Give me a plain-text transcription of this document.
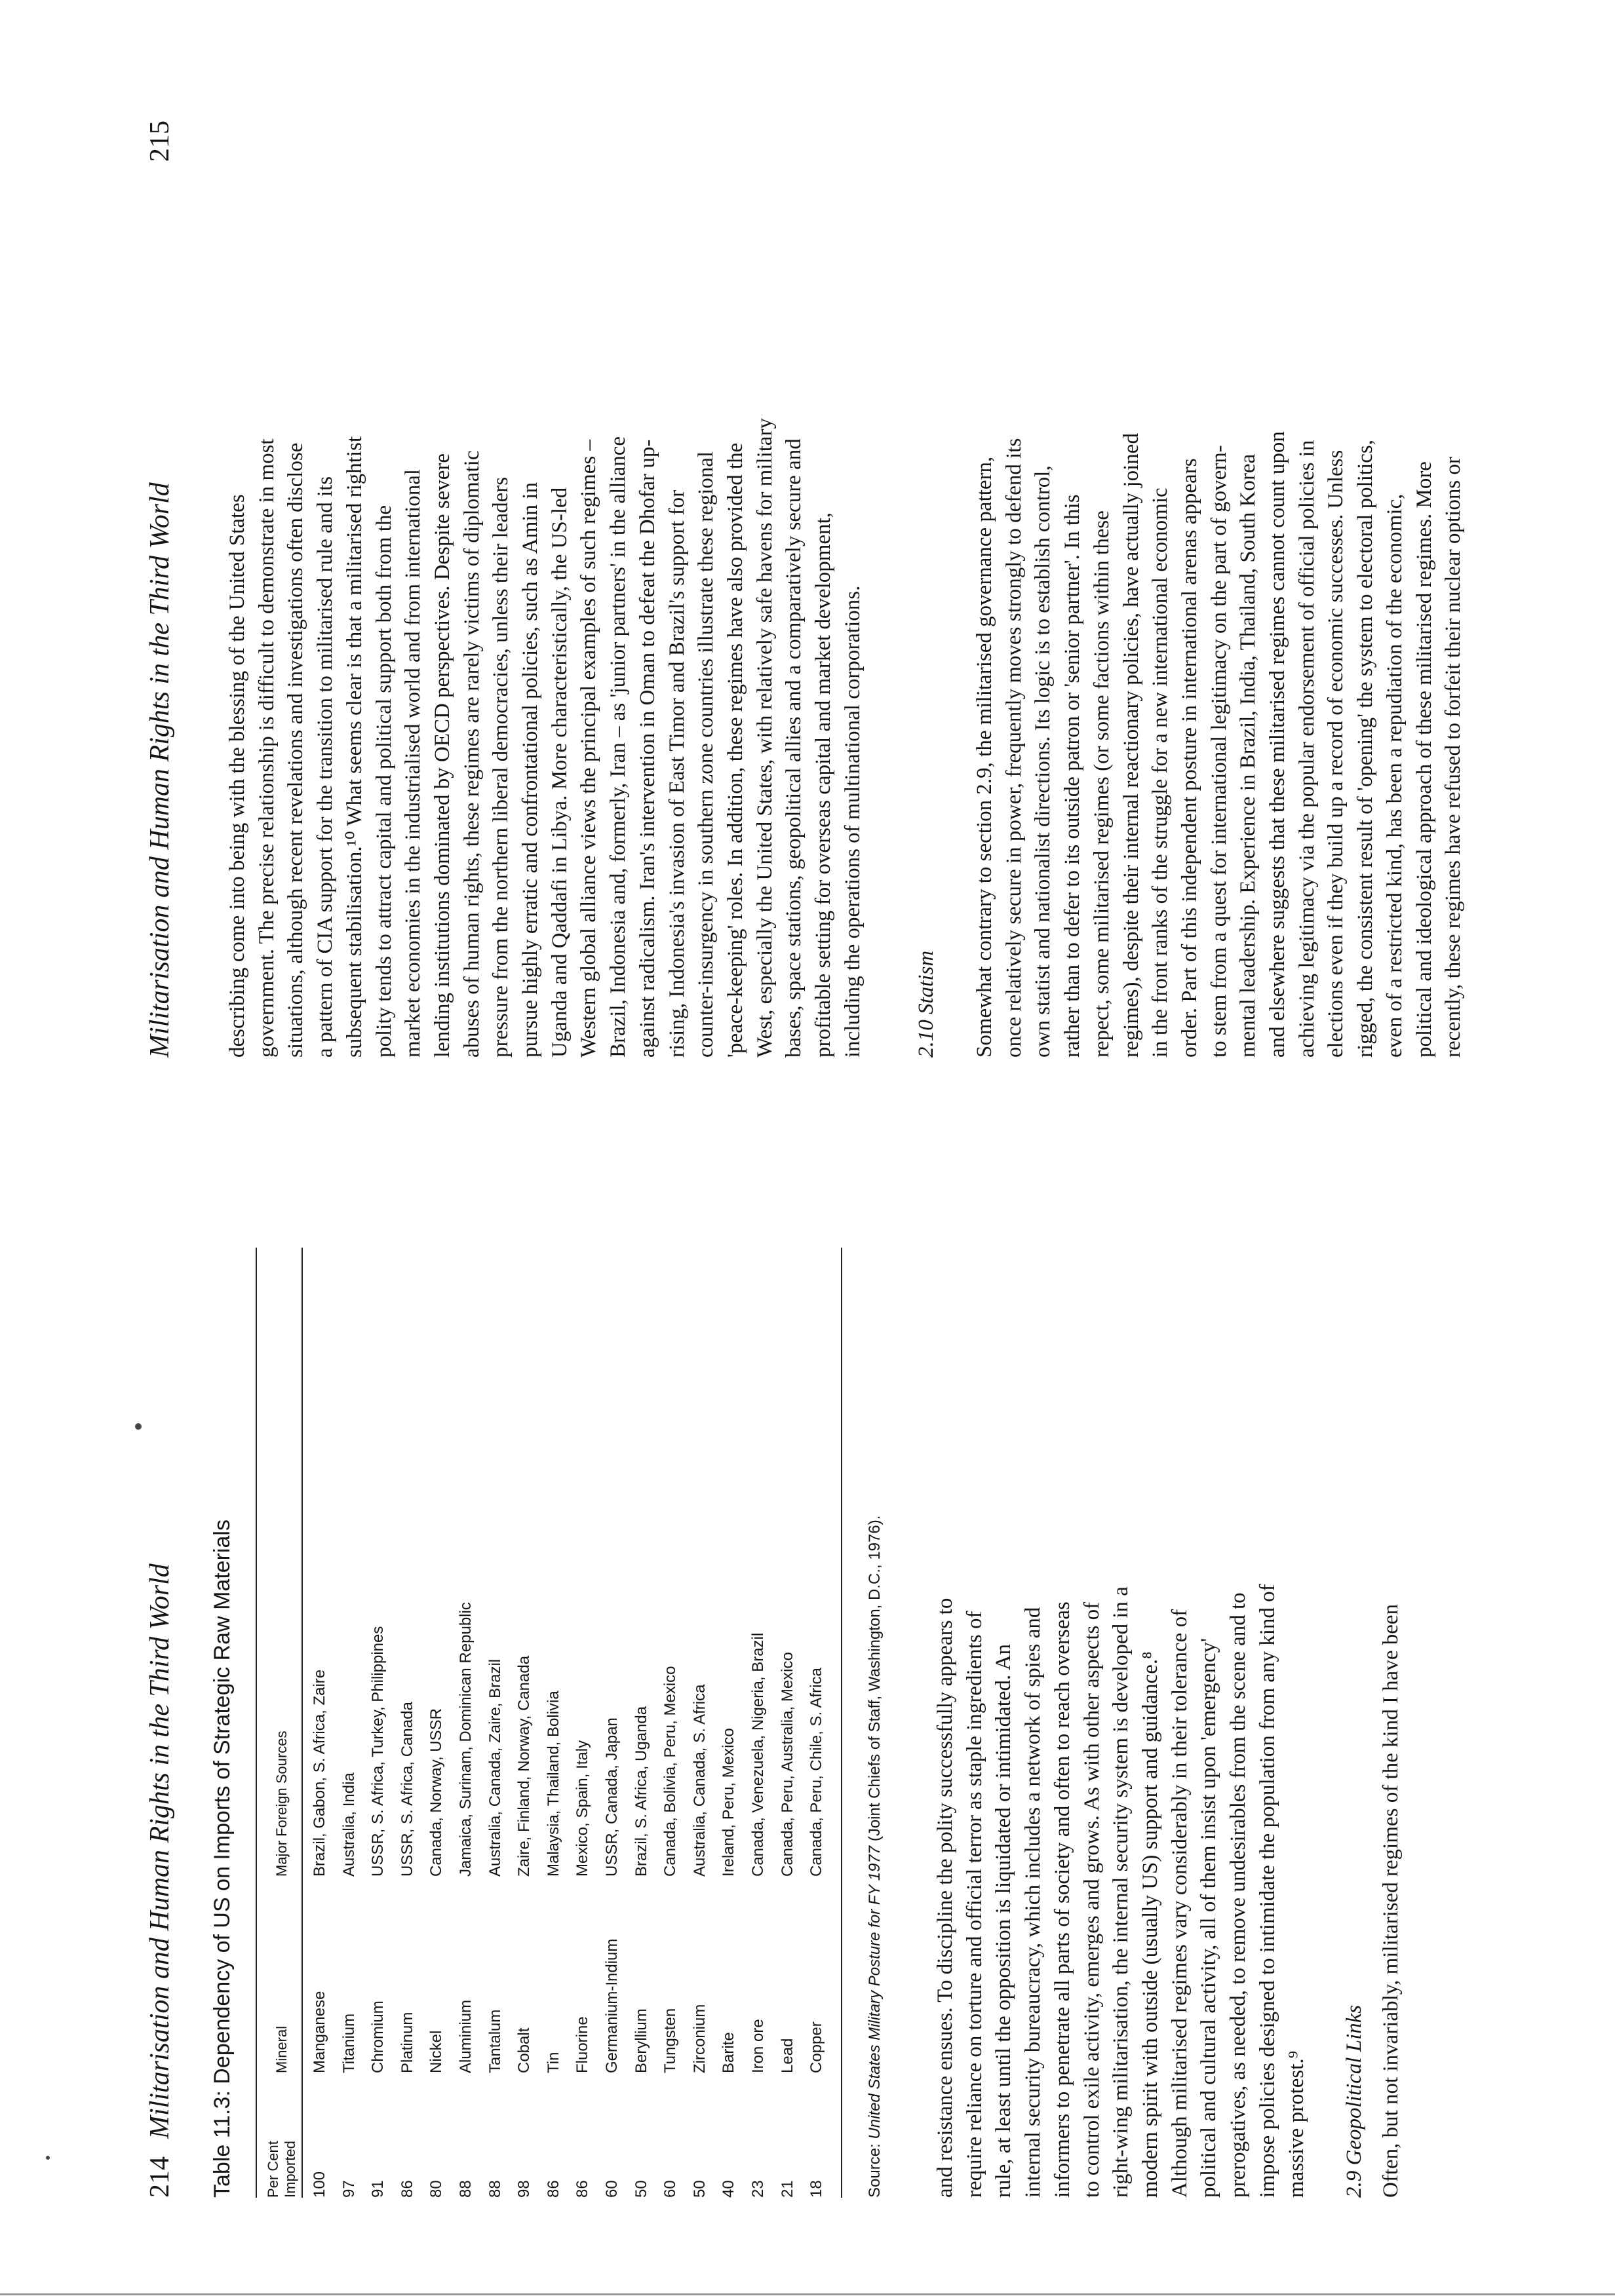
214
Militarisation and Human Rights in the Third World Table 11.3: Dependency of US on Imports of Strategic Raw Materials Per Cent Imported
Mineral
Major Foreign Sources
100
Manganese
Brazil, Gabon, S. Africa, Zaire
97
Titanium
Australia, India
91
Chromium
USSR, S. Africa, Turkey, Philippines
86
Platinum
USSR, S. Africa, Canada
80
Nickel
Canada, Norway, USSR
88
Aluminium
Jamaica, Surinam, Dominican Republic
88
Tantalum
Australia, Canada, Zaire, Brazil
98
Cobalt
Zaire, Finland, Norway, Canada
86
Tin
Malaysia, Thailand, Bolivia
86
Fluorine
Mexico, Spain, Italy
60
Germanium-Indium
USSR, Canada, Japan
50
Beryllium
Brazil, S. Africa, Uganda
60
Tungsten
Canada, Bolivia, Peru, Mexico
50
Zirconium
Australia, Canada, S. Africa
40
Barite
Ireland, Peru, Mexico
23
Iron ore
Canada, Venezuela, Nigeria, Brazil
21
Lead
Canada, Peru, Australia, Mexico
18
Copper
Canada, Peru, Chile, S. Africa
Source: United States Military Posture for FY 1977 (Joint Chiefs of Staff, Washington, D.C., 1976). and resistance ensues. To discipline the polity successfully appears to require reliance on torture and official terror as staple ingredients of rule, at least until the opposition is liquidated or intimidated. An internal security bureaucracy, which includes a network of spies and informers to penetrate all parts of society and often to reach overseas to control exile activity, emerges and grows. As with other aspects of right-wing militarisation, the internal security system is developed in a modern spirit with outside (usually US) support and guidance.⁸ Although militarised regimes vary considerably in their tolerance of political and cultural activity, all of them insist upon 'emergency' prerogatives, as needed, to remove undesirables from the scene and to impose policies designed to intimidate the population from any kind of massive protest.⁹ 2.9 Geopolitical Links Often, but not invariably, militarised regimes of the kind I have been

Militarisation and Human Rights in the Third World
215

describing come into being with the blessing of the United States government. The precise relationship is difficult to demonstrate in most situations, although recent revelations and investigations often disclose a pattern of CIA support for the transition to militarised rule and its subsequent stabilisation.¹⁰ What seems clear is that a militarised rightist polity tends to attract capital and political support both from the market economies in the industrialised world and from international lending institutions dominated by OECD perspectives. Despite severe abuses of human rights, these regimes are rarely victims of diplomatic pressure from the northern liberal democracies, unless their leaders pursue highly erratic and confrontational policies, such as Amin in Uganda and Qaddafi in Libya. More characteristically, the US-led Western global alliance views the principal examples of such regimes – Brazil, Indonesia and, formerly, Iran – as 'junior partners' in the alliance against radicalism. Iran's intervention in Oman to defeat the Dhofar up- rising, Indonesia's invasion of East Timor and Brazil's support for counter-insurgency in southern zone countries illustrate these regional 'peace-keeping' roles. In addition, these regimes have also provided the West, especially the United States, with relatively safe havens for military bases, space stations, geopolitical allies and a comparatively secure and profitable setting for overseas capital and market development, including the operations of multinational corporations. 2.10 Statism Somewhat contrary to section 2.9, the militarised governance pattern, once relatively secure in power, frequently moves strongly to defend its own statist and nationalist directions. Its logic is to establish control, rather than to defer to its outside patron or 'senior partner'. In this repect, some militarised regimes (or some factions within these regimes), despite their internal reactionary policies, have actually joined in the front ranks of the struggle for a new international economic order. Part of this independent posture in international arenas appears to stem from a quest for international legitimacy on the part of govern- mental leadership. Experience in Brazil, India, Thailand, South Korea and elsewhere suggests that these militarised regimes cannot count upon achieving legitimacy via the popular endorsement of official policies in elections even if they build up a record of economic successes. Unless rigged, the consistent result of 'opening' the system to electoral politics, even of a restricted kind, has been a repudiation of the economic, political and ideological approach of these militarised regimes. More recently, these regimes have refused to forfeit their nuclear options or
